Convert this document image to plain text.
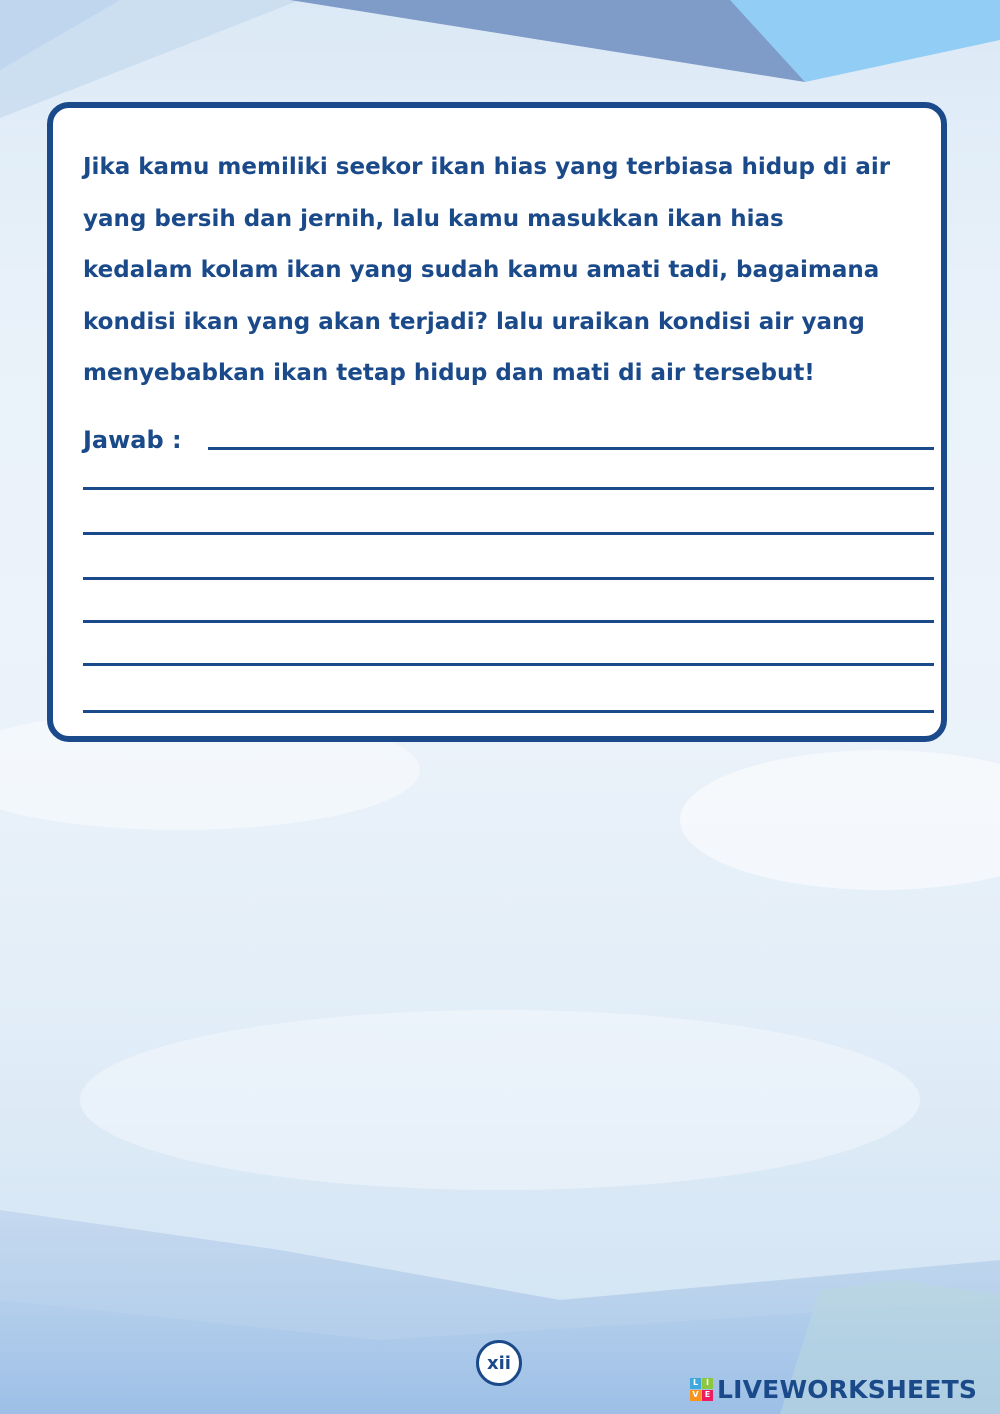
Jika kamu memiliki seekor ikan hias yang terbiasa hidup di air
yang bersih dan jernih, lalu kamu masukkan ikan hias
kedalam kolam ikan yang sudah kamu amati tadi, bagaimana
kondisi ikan yang akan terjadi? lalu uraikan kondisi air yang
menyebabkan ikan tetap hidup dan mati di air tersebut!

Jawab :
xii
L I
V E LIVEWORKSHEETS
